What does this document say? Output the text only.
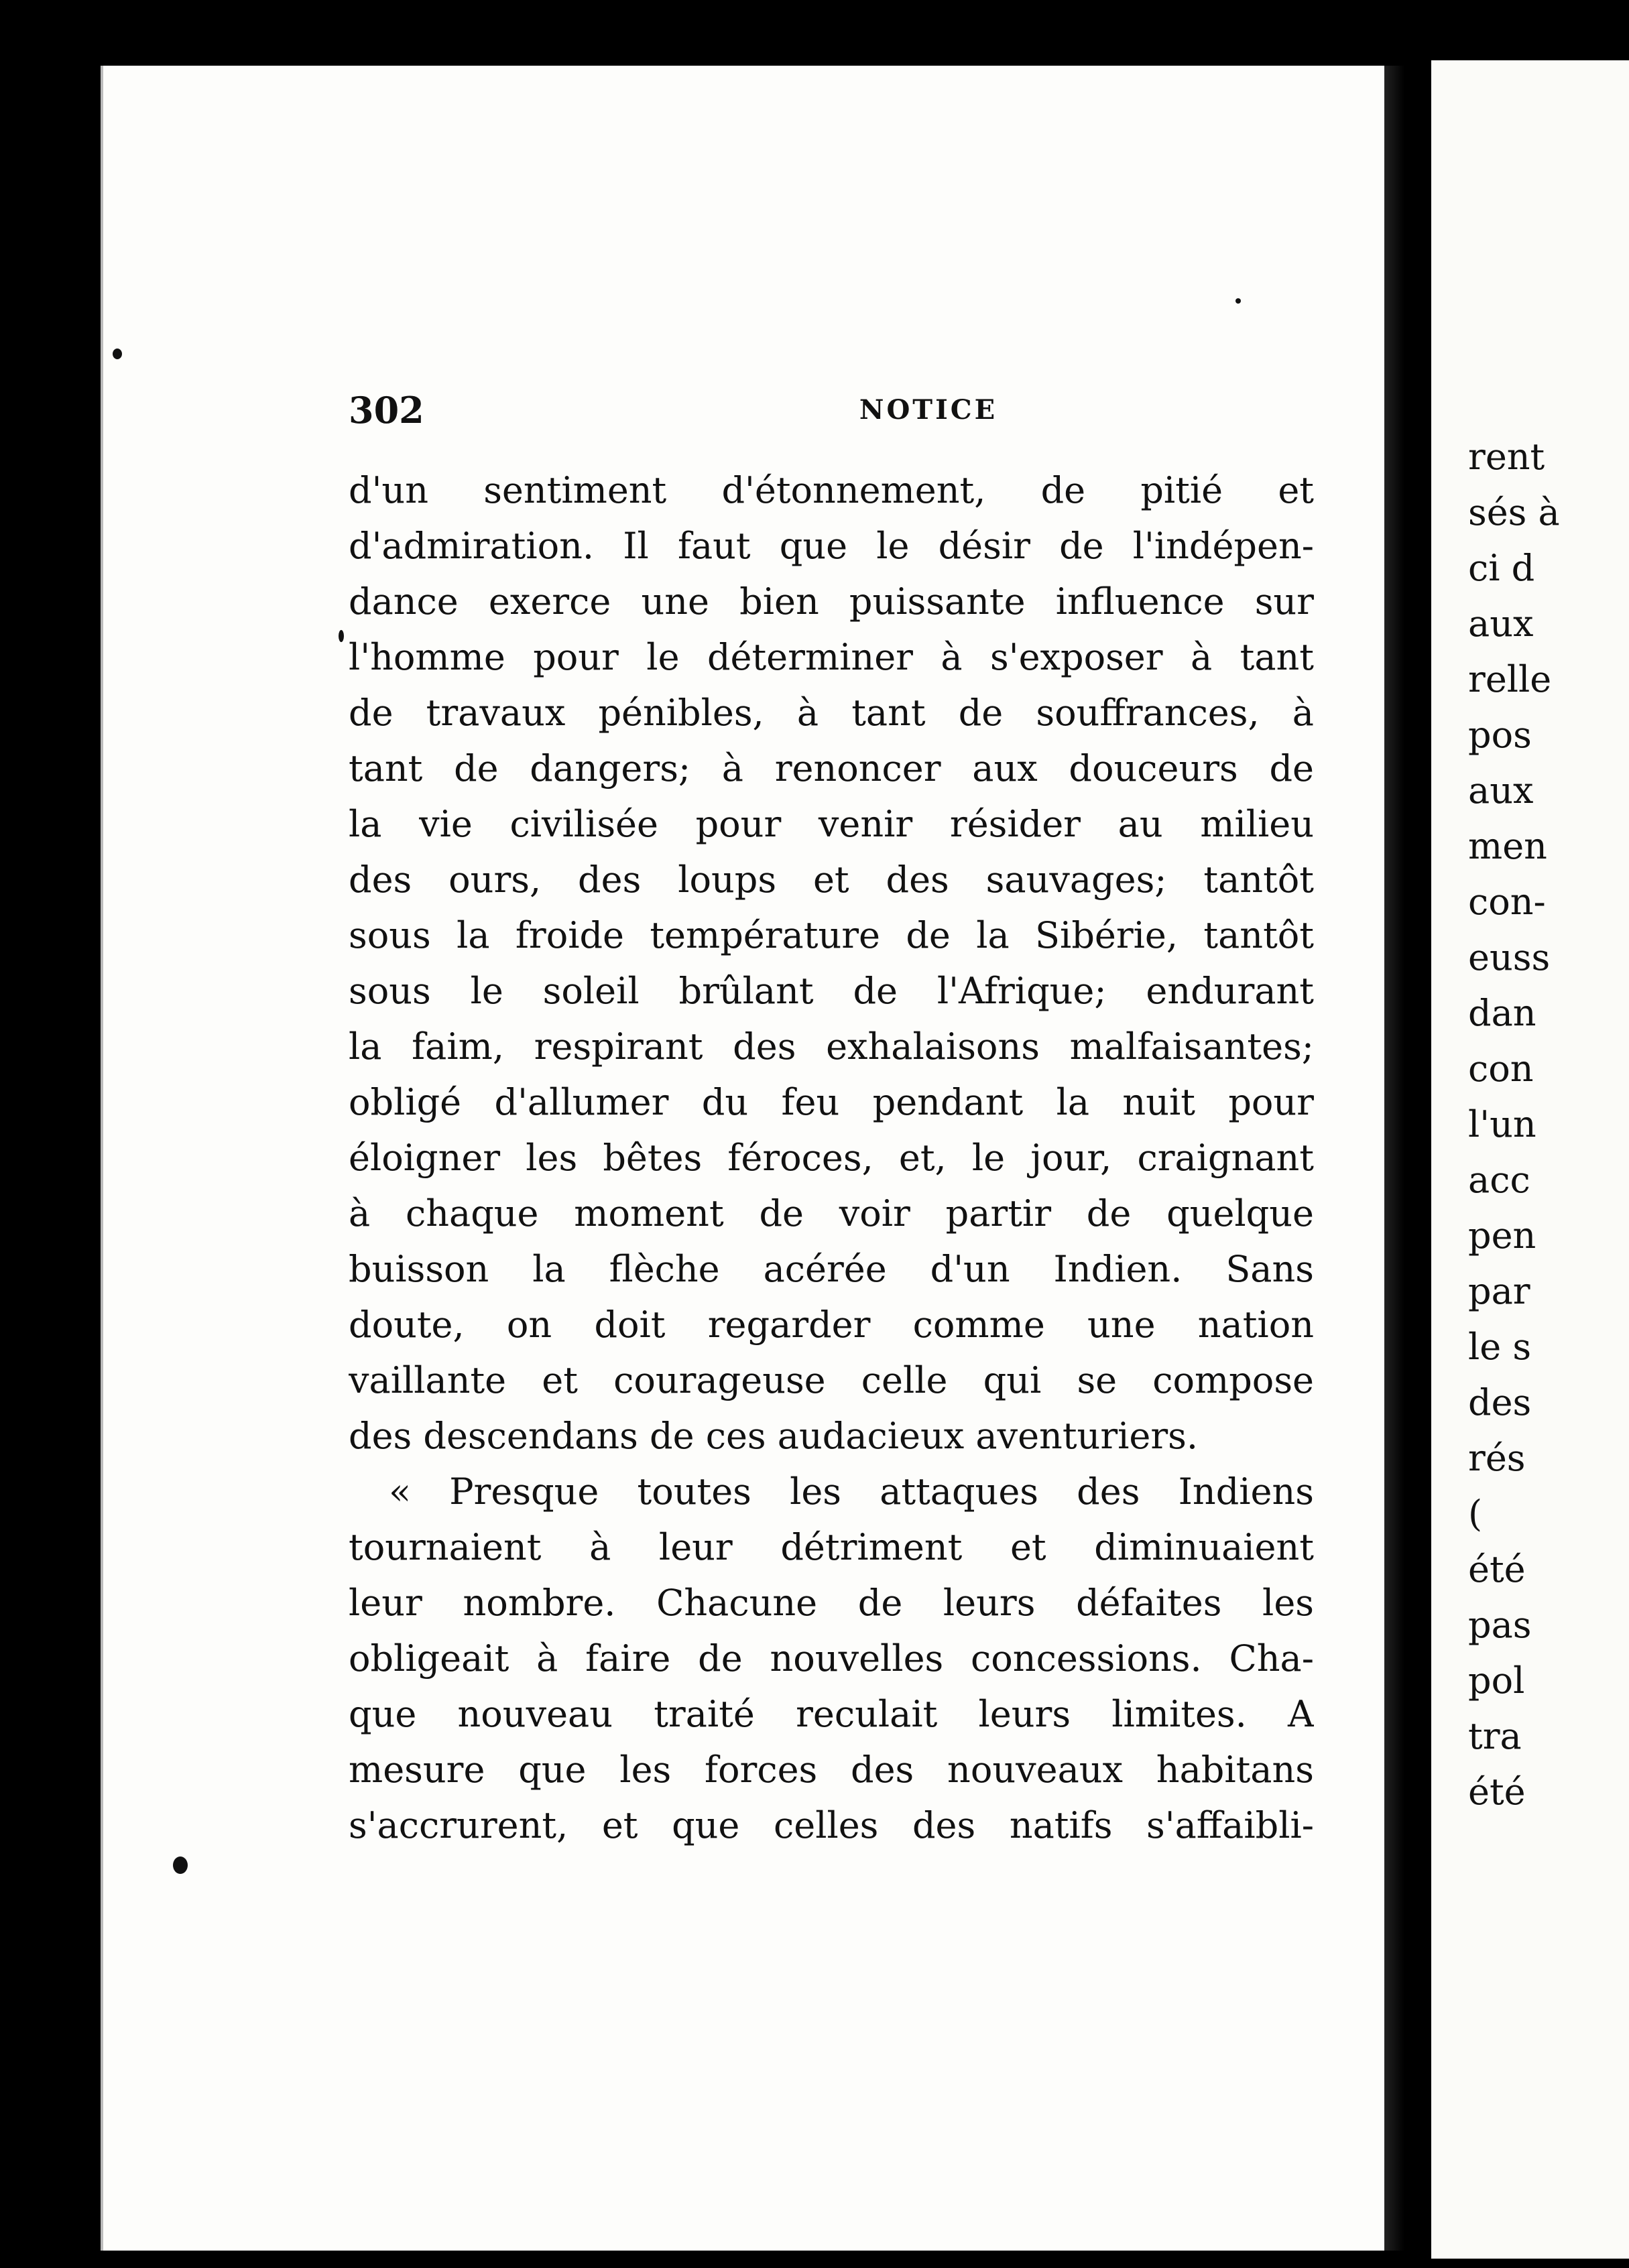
302	NOTICE
d'un sentiment d'étonnement, de pitié et
d'admiration. Il faut que le désir de l'indépen-
dance exerce une bien puissante influence sur
l'homme pour le déterminer à s'exposer à tant
de travaux pénibles, à tant de souffrances, à
tant de dangers; à renoncer aux douceurs de
la vie civilisée pour venir résider au milieu
des ours, des loups et des sauvages; tantôt
sous la froide température de la Sibérie, tantôt
sous le soleil brûlant de l'Afrique; endurant
la faim, respirant des exhalaisons malfaisantes;
obligé d'allumer du feu pendant la nuit pour
éloigner les bêtes féroces, et, le jour, craignant
à chaque moment de voir partir de quelque
buisson la flèche acérée d'un Indien. Sans
doute, on doit regarder comme une nation
vaillante et courageuse celle qui se compose
des descendans de ces audacieux aventuriers.
« Presque toutes les attaques des Indiens
tournaient à leur détriment et diminuaient
leur nombre. Chacune de leurs défaites les
obligeait à faire de nouvelles concessions. Cha-
que nouveau traité reculait leurs limites. A
mesure que les forces des nouveaux habitans
s'accrurent, et que celles des natifs s'affaibli-
rent
sés à
ci d
aux
relle
pos
aux
men
con-
euss
dan
con
l'un
acc
pen
par
le s
des
rés
(
été
pas
pol
tra
été
